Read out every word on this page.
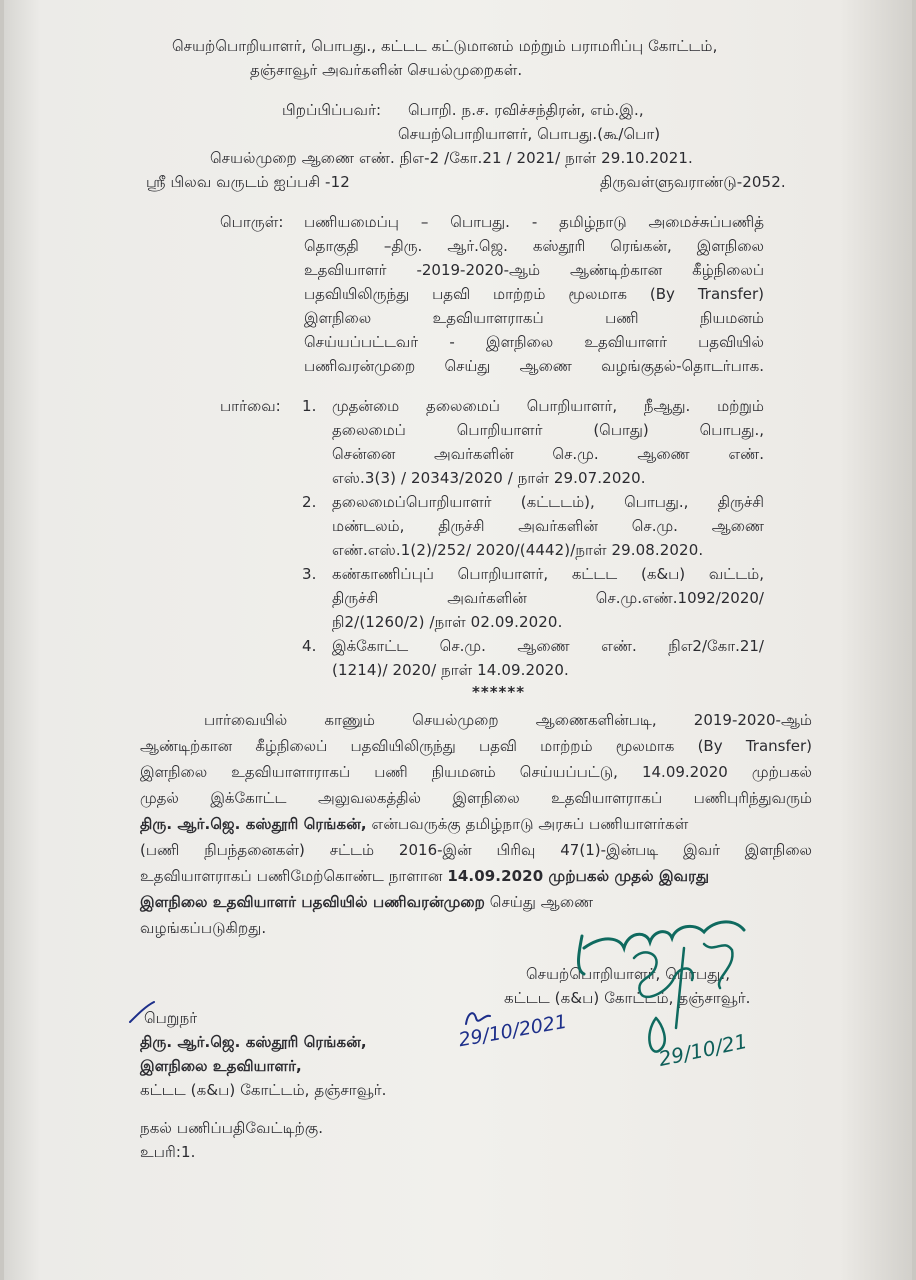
செயற்பொறியாளர், பொபது., கட்டட கட்டுமானம் மற்றும் பராமரிப்பு கோட்டம்,
தஞ்சாவூர் அவர்களின் செயல்முறைகள்.
பிறப்பிப்பவர்: பொறி. ந.ச. ரவிச்சந்திரன், எம்.இ.,
செயற்பொறியாளர், பொபது.(கூ/பொ)
செயல்முறை ஆணை எண். நிஎ-2 /கோ.21 / 2021/ நாள் 29.10.2021.
ஸ்ரீ பிலவ வருடம் ஐப்பசி -12	திருவள்ளுவராண்டு-2052.
பொருள்: பணியமைப்பு – பொபது. - தமிழ்நாடு அமைச்சுப்பணித்
தொகுதி –திரு. ஆர்.ஜெ. கஸ்தூரி ரெங்கன், இளநிலை
உதவியாளர் -2019-2020-ஆம் ஆண்டிற்கான கீழ்நிலைப்
பதவியிலிருந்து பதவி மாற்றம் மூலமாக (By Transfer)
இளநிலை உதவியாளராகப் பணி நியமனம்
செய்யப்பட்டவர் - இளநிலை உதவியாளர் பதவியில்
பணிவரன்முறை செய்து ஆணை வழங்குதல்-தொடர்பாக.
பார்வை: 1. முதன்மை தலைமைப் பொறியாளர், நீஆது. மற்றும்
தலைமைப் பொறியாளர் (பொது) பொபது.,
சென்னை அவர்களின் செ.மு. ஆணை எண்.
எஸ்.3(3) / 20343/2020 / நாள் 29.07.2020.
2. தலைமைப்பொறியாளர் (கட்டடம்), பொபது., திருச்சி
மண்டலம், திருச்சி அவர்களின் செ.மு. ஆணை
எண்.எஸ்.1(2)/252/ 2020/(4442)/நாள் 29.08.2020.
3. கண்காணிப்புப் பொறியாளர், கட்டட (க&ப) வட்டம்,
திருச்சி அவர்களின் செ.மு.எண்.1092/2020/
நி2/(1260/2) /நாள் 02.09.2020.
4. இக்கோட்ட செ.மு. ஆணை எண். நிஎ2/கோ.21/
(1214)/ 2020/ நாள் 14.09.2020.
******
பார்வையில் காணும் செயல்முறை ஆணைகளின்படி, 2019-2020-ஆம்
ஆண்டிற்கான கீழ்நிலைப் பதவியிலிருந்து பதவி மாற்றம் மூலமாக (By Transfer)
இளநிலை உதவியாளாராகப் பணி நியமனம் செய்யப்பட்டு, 14.09.2020 முற்பகல்
முதல் இக்கோட்ட அலுவலகத்தில் இளநிலை உதவியாளராகப் பணிபுரிந்துவரும்
திரு. ஆர்.ஜெ. கஸ்தூரி ரெங்கன், என்பவருக்கு தமிழ்நாடு அரசுப் பணியாளர்கள்
(பணி நிபந்தனைகள்) சட்டம் 2016-இன் பிரிவு 47(1)-இன்படி இவர் இளநிலை
உதவியாளராகப் பணிமேற்கொண்ட நாளான 14.09.2020 முற்பகல் முதல் இவரது
இளநிலை உதவியாளர் பதவியில் பணிவரன்முறை செய்து ஆணை
வழங்கப்படுகிறது.
செயற்பொறியாளர், பொபது.,
கட்டட (க&ப) கோட்டம், தஞ்சாவூர்.
29/10/21
29/10/2021
பெறுநர்
திரு. ஆர்.ஜெ. கஸ்தூரி ரெங்கன்,
இளநிலை உதவியாளர்,
கட்டட (க&ப) கோட்டம், தஞ்சாவூர்.
நகல் பணிப்பதிவேட்டிற்கு.
உபரி:1.
